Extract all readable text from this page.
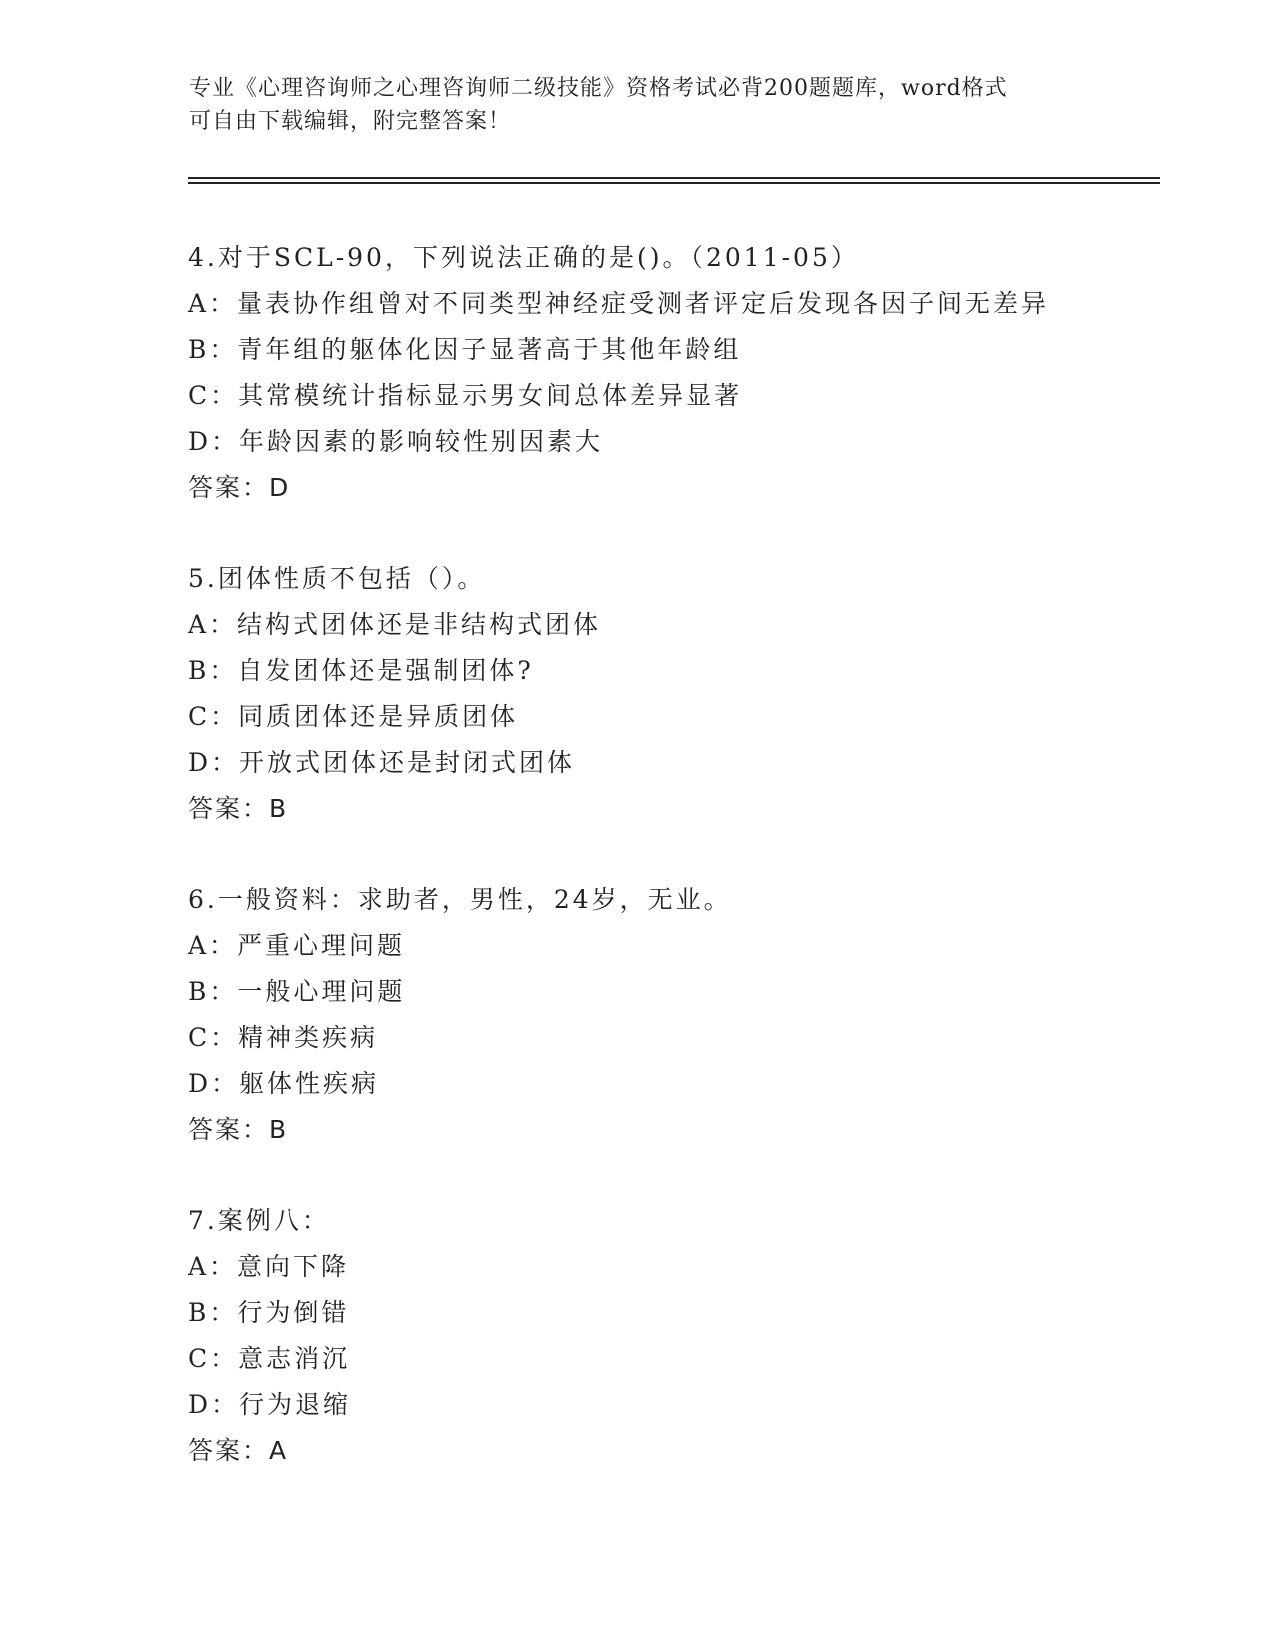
专业《心理咨询师之心理咨询师二级技能》资格考试必背200题题库，word格式
可自由下载编辑，附完整答案！
4.对于SCL-90，下列说法正确的是()。（2011-05）
A：量表协作组曾对不同类型神经症受测者评定后发现各因子间无差异
B：青年组的躯体化因子显著高于其他年龄组
C：其常模统计指标显示男女间总体差异显著
D：年龄因素的影响较性别因素大
答案：D
5.团体性质不包括（）。
A：结构式团体还是非结构式团体
B：自发团体还是强制团体?
C：同质团体还是异质团体
D：开放式团体还是封闭式团体
答案：B
6.一般资料：求助者，男性，24岁，无业。
A：严重心理问题
B：一般心理问题
C：精神类疾病
D：躯体性疾病
答案：B
7.案例八：
A：意向下降
B：行为倒错
C：意志消沉
D：行为退缩
答案：A
